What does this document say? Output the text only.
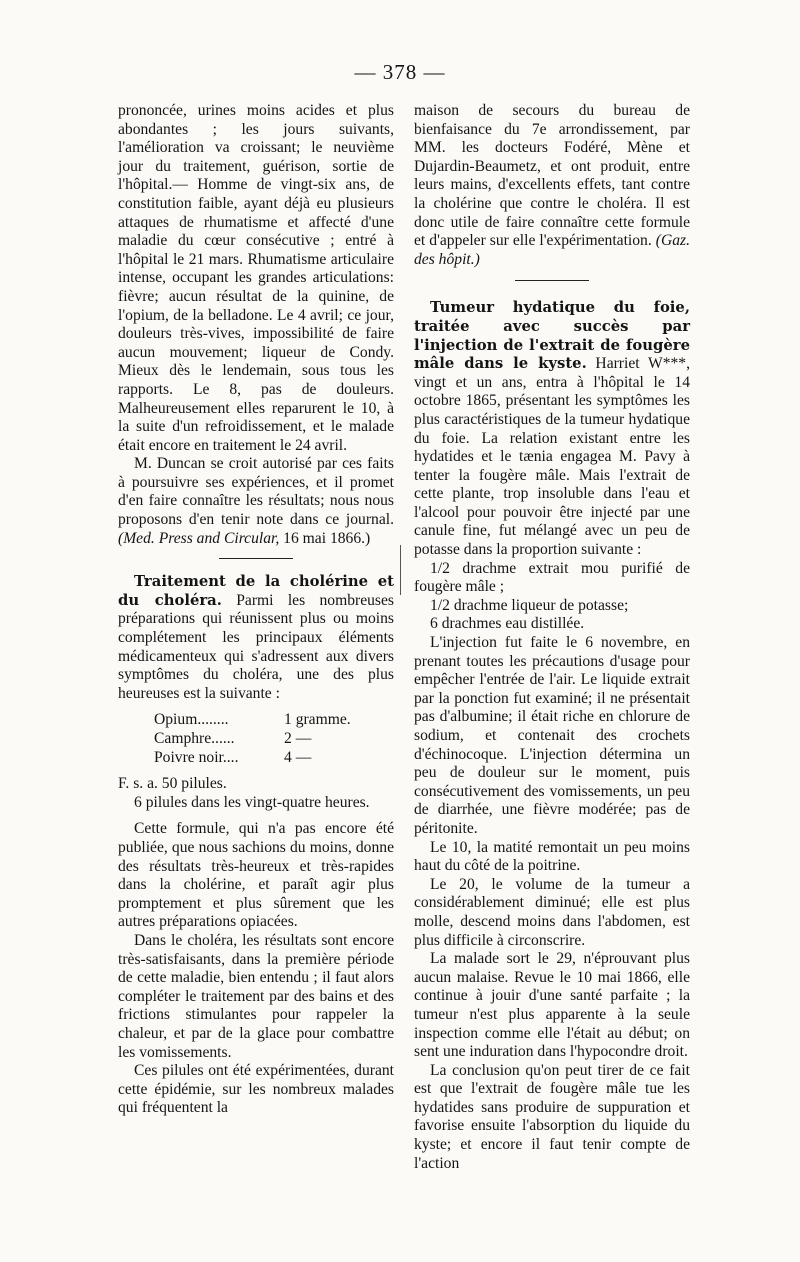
— 378 —

prononcée, urines moins acides et plus abondantes ; les jours suivants, l'amélioration va croissant; le neuvième jour du traitement, guérison, sortie de l'hôpital.— Homme de vingt-six ans, de constitution faible, ayant déjà eu plusieurs attaques de rhumatisme et affecté d'une maladie du cœur consécutive ; entré à l'hôpital le 21 mars. Rhumatisme articulaire intense, occupant les grandes articulations: fièvre; aucun résultat de la quinine, de l'opium, de la belladone. Le 4 avril; ce jour, douleurs très-vives, impossibilité de faire aucun mouvement; liqueur de Condy. Mieux dès le lendemain, sous tous les rapports. Le 8, pas de douleurs. Malheureusement elles reparurent le 10, à la suite d'un refroidissement, et le malade était encore en traitement le 24 avril.

M. Duncan se croit autorisé par ces faits à poursuivre ses expériences, et il promet d'en faire connaître les résultats; nous nous proposons d'en tenir note dans ce journal. (Med. Press and Circular, 16 mai 1866.)

Traitement de la cholérine et du choléra. Parmi les nombreuses préparations qui réunissent plus ou moins complétement les principaux éléments médicamenteux qui s'adressent aux divers symptômes du choléra, une des plus heureuses est la suivante :

Opium........	1 gramme.
Camphre......	2 —
Poivre noir....	4 —

F. s. a. 50 pilules.

6 pilules dans les vingt-quatre heures.

Cette formule, qui n'a pas encore été publiée, que nous sachions du moins, donne des résultats très-heureux et très-rapides dans la cholérine, et paraît agir plus promptement et plus sûrement que les autres préparations opiacées.

Dans le choléra, les résultats sont encore très-satisfaisants, dans la première période de cette maladie, bien entendu ; il faut alors compléter le traitement par des bains et des frictions stimulantes pour rappeler la chaleur, et par de la glace pour combattre les vomissements.

Ces pilules ont été expérimentées, durant cette épidémie, sur les nombreux malades qui fréquentent la

maison de secours du bureau de bienfaisance du 7e arrondissement, par MM. les docteurs Fodéré, Mène et Dujardin-Beaumetz, et ont produit, entre leurs mains, d'excellents effets, tant contre la cholérine que contre le choléra. Il est donc utile de faire connaître cette formule et d'appeler sur elle l'expérimentation. (Gaz. des hôpit.)

Tumeur hydatique du foie, traitée avec succès par l'injection de l'extrait de fougère mâle dans le kyste. Harriet W***, vingt et un ans, entra à l'hôpital le 14 octobre 1865, présentant les symptômes les plus caractéristiques de la tumeur hydatique du foie. La relation existant entre les hydatides et le tænia engagea M. Pavy à tenter la fougère mâle. Mais l'extrait de cette plante, trop insoluble dans l'eau et l'alcool pour pouvoir être injecté par une canule fine, fut mélangé avec un peu de potasse dans la proportion suivante :

1/2 drachme extrait mou purifié de fougère mâle ;

1/2 drachme liqueur de potasse;

6 drachmes eau distillée.

L'injection fut faite le 6 novembre, en prenant toutes les précautions d'usage pour empêcher l'entrée de l'air. Le liquide extrait par la ponction fut examiné; il ne présentait pas d'albumine; il était riche en chlorure de sodium, et contenait des crochets d'échinocoque. L'injection détermina un peu de douleur sur le moment, puis consécutivement des vomissements, un peu de diarrhée, une fièvre modérée; pas de péritonite.

Le 10, la matité remontait un peu moins haut du côté de la poitrine.

Le 20, le volume de la tumeur a considérablement diminué; elle est plus molle, descend moins dans l'abdomen, est plus difficile à circonscrire.

La malade sort le 29, n'éprouvant plus aucun malaise. Revue le 10 mai 1866, elle continue à jouir d'une santé parfaite ; la tumeur n'est plus apparente à la seule inspection comme elle l'était au début; on sent une induration dans l'hypocondre droit.

La conclusion qu'on peut tirer de ce fait est que l'extrait de fougère mâle tue les hydatides sans produire de suppuration et favorise ensuite l'absorption du liquide du kyste; et encore il faut tenir compte de l'action
